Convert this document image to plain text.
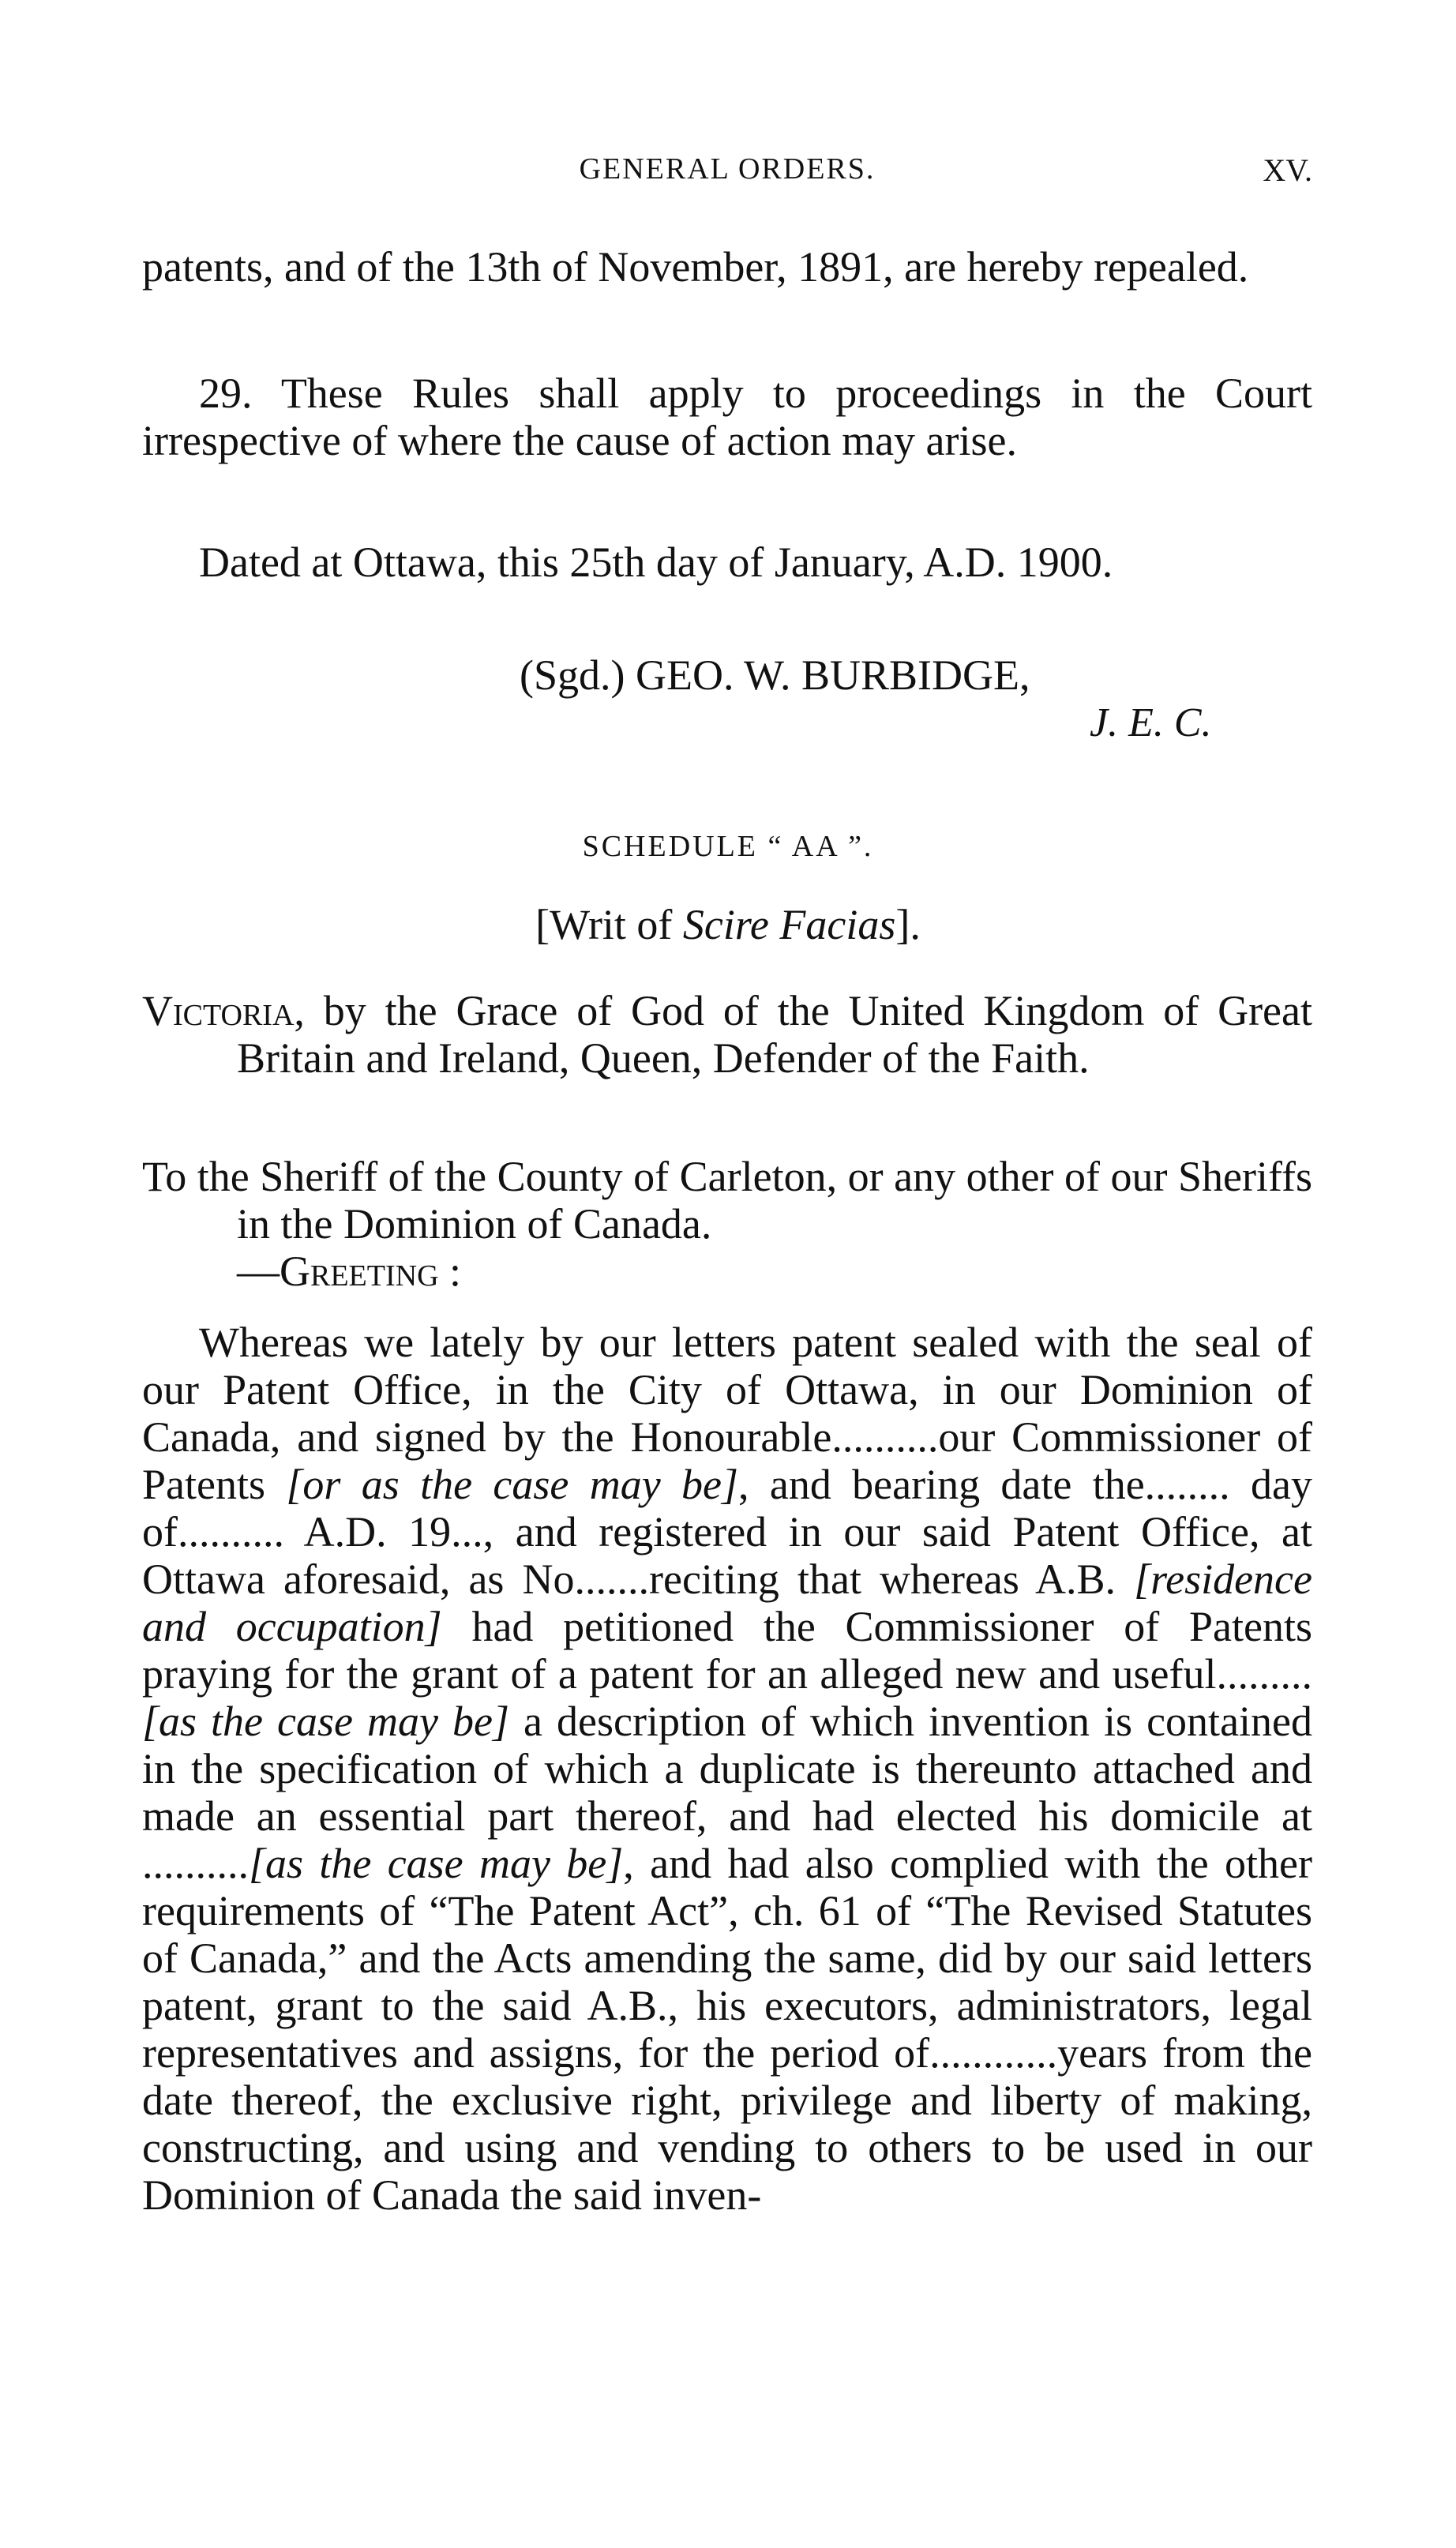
GENERAL ORDERS.	XV.

patents, and of the 13th of November, 1891, are hereby repealed.

29. These Rules shall apply to proceedings in the Court irrespective of where the cause of action may arise.

Dated at Ottawa, this 25th day of January, A.D. 1900.

(Sgd.) GEO. W. BURBIDGE,
J. E. C.
SCHEDULE “ AA ”.
[Writ of Scire Facias].

Victoria, by the Grace of God of the United Kingdom of Great Britain and Ireland, Queen, Defender of the Faith.

To the Sheriff of the County of Carleton, or any other of our Sheriffs in the Dominion of Canada.
—Greeting :

Whereas we lately by our letters patent sealed with the seal of our Patent Office, in the City of Ottawa, in our Dominion of Canada, and signed by the Honourable..........our Commissioner of Patents [or as the case may be], and bearing date the........ day of.......... A.D. 19..., and registered in our said Patent Office, at Ottawa aforesaid, as No.......reciting that whereas A.B. [residence and occupation] had petitioned the Commissioner of Patents praying for the grant of a patent for an alleged new and useful.........[as the case may be] a description of which invention is contained in the specification of which a duplicate is thereunto attached and made an essential part thereof, and had elected his domicile at ..........[as the case may be], and had also complied with the other requirements of “The Patent Act”, ch. 61 of “The Revised Statutes of Canada,” and the Acts amending the same, did by our said letters patent, grant to the said A.B., his executors, administrators, legal representatives and assigns, for the period of............years from the date thereof, the exclusive right, privilege and liberty of making, constructing, and using and vending to others to be used in our Dominion of Canada the said inven-
